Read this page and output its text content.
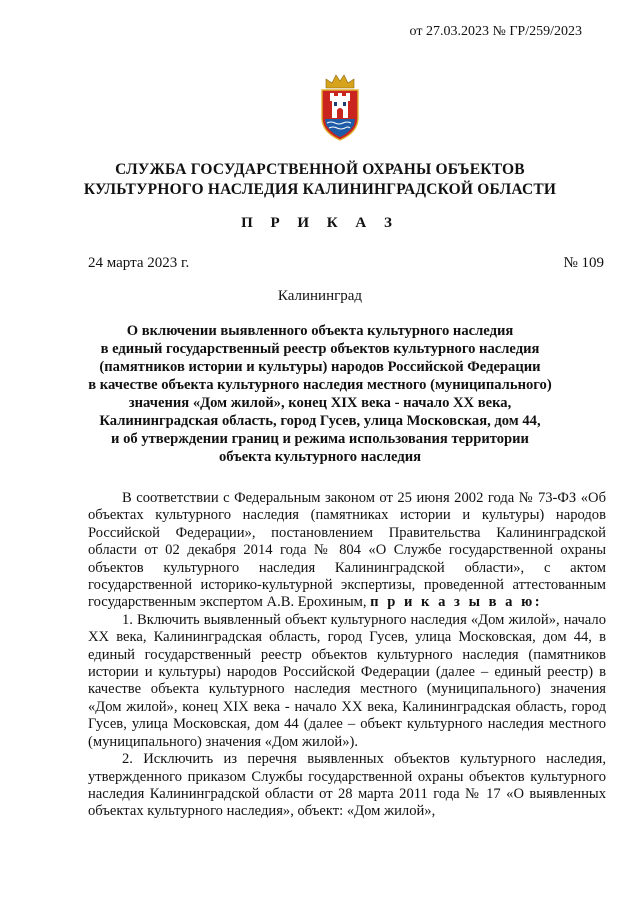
от 27.03.2023 № ГР/259/2023
СЛУЖБА ГОСУДАРСТВЕННОЙ ОХРАНЫ ОБЪЕКТОВ
КУЛЬТУРНОГО НАСЛЕДИЯ КАЛИНИНГРАДСКОЙ ОБЛАСТИ
П Р И К А З
24 марта 2023 г.	№ 109
Калининград
О включении выявленного объекта культурного наследия
в единый государственный реестр объектов культурного наследия
(памятников истории и культуры) народов Российской Федерации
в качестве объекта культурного наследия местного (муниципального)
значения «Дом жилой», конец XIX века - начало XX века,
Калининградская область, город Гусев, улица Московская, дом 44,
и об утверждении границ и режима использования территории
объекта культурного наследия

В соответствии с Федеральным законом от 25 июня 2002 года № 73-ФЗ «Об объектах культурного наследия (памятниках истории и культуры) народов Российской Федерации», постановлением Правительства Калининградской области от 02 декабря 2014 года № 804 «О Службе государственной охраны объектов культурного наследия Калининградской области», с актом государственной историко-культурной экспертизы, проведенной аттестованным государственным экспертом А.В. Ерохиным, п р и к а з ы в а ю:

1. Включить выявленный объект культурного наследия «Дом жилой», начало XX века, Калининградская область, город Гусев, улица Московская, дом 44, в единый государственный реестр объектов культурного наследия (памятников истории и культуры) народов Российской Федерации (далее – единый реестр) в качестве объекта культурного наследия местного (муниципального) значения «Дом жилой», конец XIX века - начало XX века, Калининградская область, город Гусев, улица Московская, дом 44 (далее – объект культурного наследия местного (муниципального) значения «Дом жилой»).

2. Исключить из перечня выявленных объектов культурного наследия, утвержденного приказом Службы государственной охраны объектов культурного наследия Калининградской области от 28 марта 2011 года № 17 «О выявленных объектах культурного наследия», объект: «Дом жилой»,
